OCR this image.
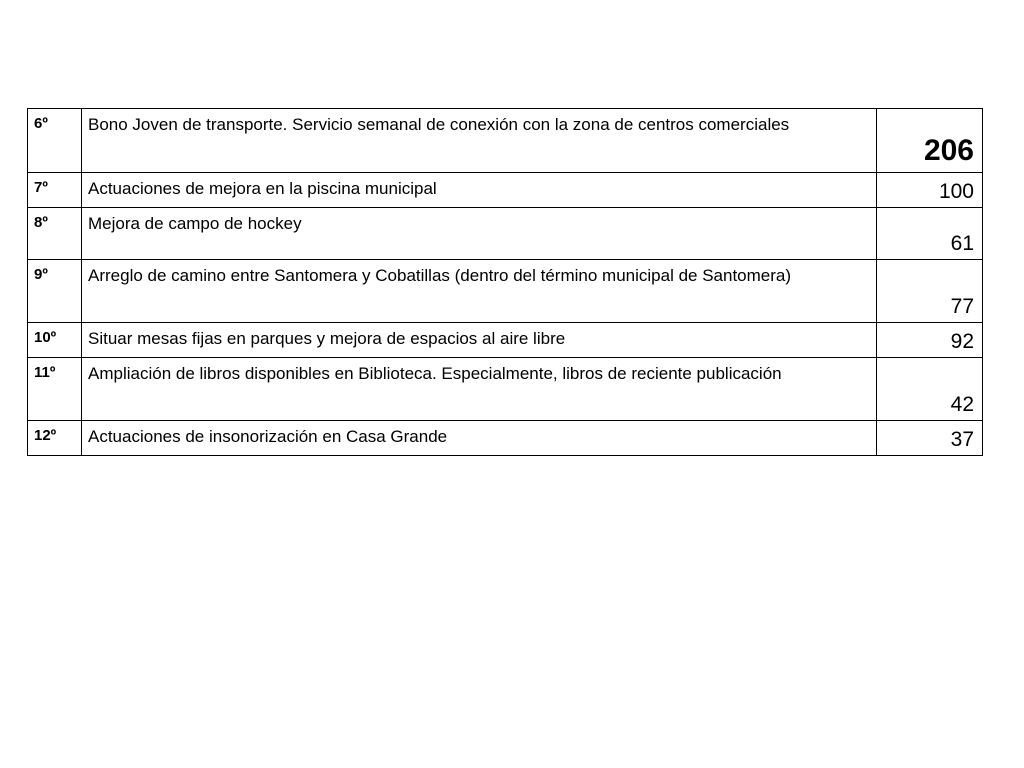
6º	Bono Joven de transporte. Servicio semanal de conexión con la zona de centros comerciales	206
7º	Actuaciones de mejora en la piscina municipal	100
8º	Mejora de campo de hockey	61
9º	Arreglo de camino entre Santomera y Cobatillas (dentro del término municipal de Santomera)	77
10º	Situar mesas fijas en parques y mejora de espacios al aire libre	92
11º	Ampliación de libros disponibles en Biblioteca. Especialmente, libros de reciente publicación	42
12º	Actuaciones de insonorización en Casa Grande	37
